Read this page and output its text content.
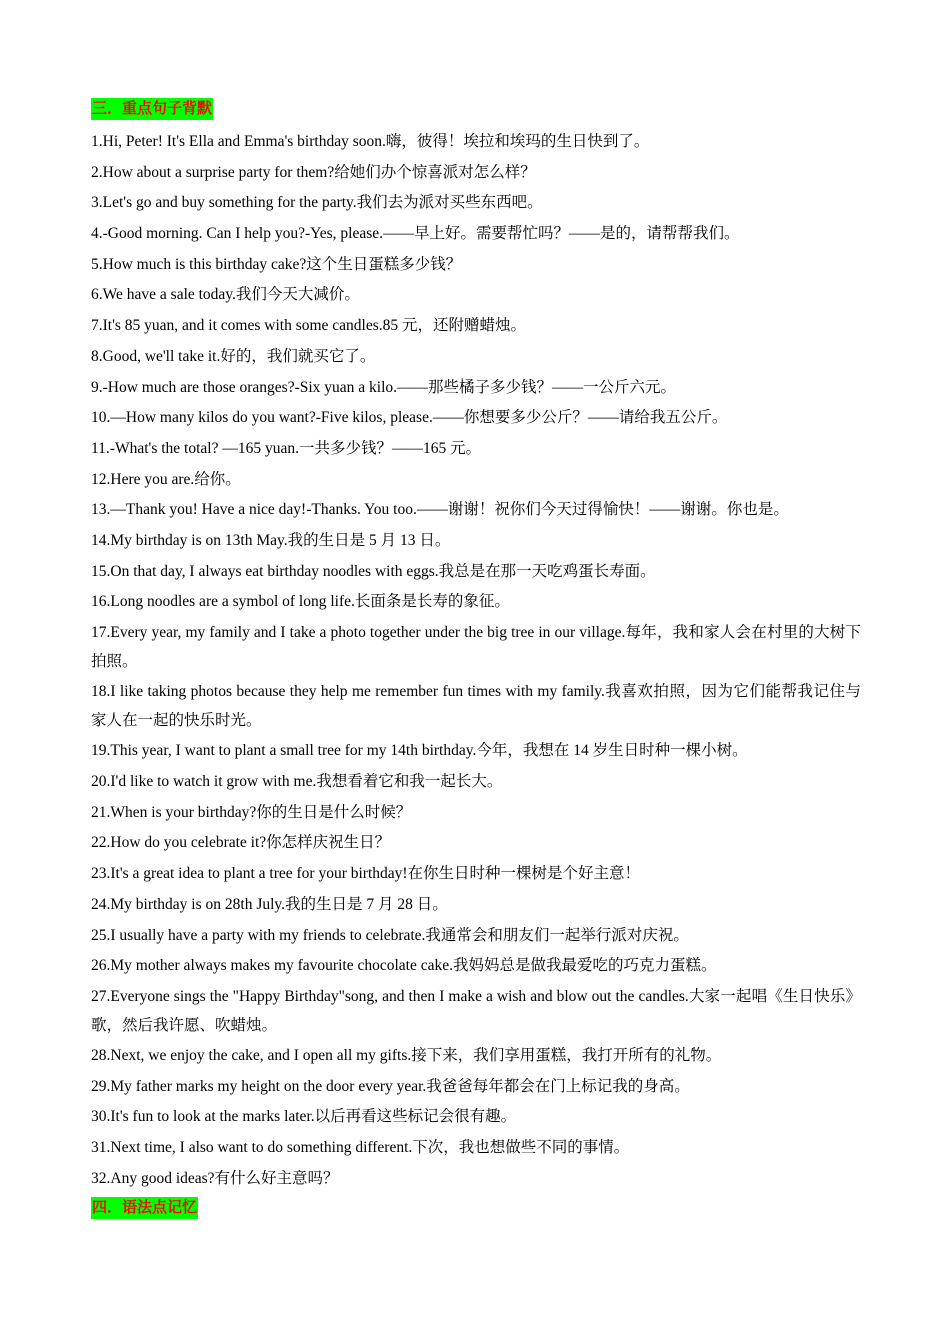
三．重点句子背默

1.Hi, Peter! It's Ella and Emma's birthday soon.嗨，彼得！埃拉和埃玛的生日快到了。

2.How about a surprise party for them?给她们办个惊喜派对怎么样？

3.Let's go and buy something for the party.我们去为派对买些东西吧。

4.-Good morning. Can I help you?-Yes, please.——早上好。需要帮忙吗？——是的，请帮帮我们。

5.How much is this birthday cake?这个生日蛋糕多少钱？

6.We have a sale today.我们今天大减价。

7.It's 85 yuan, and it comes with some candles.85 元，还附赠蜡烛。

8.Good, we'll take it.好的，我们就买它了。

9.-How much are those oranges?-Six yuan a kilo.——那些橘子多少钱？——一公斤六元。

10.—How many kilos do you want?-Five kilos, please.——你想要多少公斤？——请给我五公斤。

11.-What's the total? —165 yuan.一共多少钱？——165 元。

12.Here you are.给你。

13.—Thank you! Have a nice day!-Thanks. You too.——谢谢！祝你们今天过得愉快！——谢谢。你也是。

14.My birthday is on 13th May.我的生日是 5 月 13 日。

15.On that day, I always eat birthday noodles with eggs.我总是在那一天吃鸡蛋长寿面。

16.Long noodles are a symbol of long life.长面条是长寿的象征。

17.Every year, my family and I take a photo together under the big tree in our village.每年，我和家人会在村里的大树下拍照。

18.I like taking photos because they help me remember fun times with my family.我喜欢拍照，因为它们能帮我记住与家人在一起的快乐时光。

19.This year, I want to plant a small tree for my 14th birthday.今年，我想在 14 岁生日时种一棵小树。

20.I'd like to watch it grow with me.我想看着它和我一起长大。

21.When is your birthday?你的生日是什么时候？

22.How do you celebrate it?你怎样庆祝生日？

23.It's a great idea to plant a tree for your birthday!在你生日时种一棵树是个好主意！

24.My birthday is on 28th July.我的生日是 7 月 28 日。

25.I usually have a party with my friends to celebrate.我通常会和朋友们一起举行派对庆祝。

26.My mother always makes my favourite chocolate cake.我妈妈总是做我最爱吃的巧克力蛋糕。

27.Everyone sings the "Happy Birthday"song, and then I make a wish and blow out the candles.大家一起唱《生日快乐》歌，然后我许愿、吹蜡烛。

28.Next, we enjoy the cake, and I open all my gifts.接下来，我们享用蛋糕，我打开所有的礼物。

29.My father marks my height on the door every year.我爸爸每年都会在门上标记我的身高。

30.It's fun to look at the marks later.以后再看这些标记会很有趣。

31.Next time, I also want to do something different.下次，我也想做些不同的事情。

32.Any good ideas?有什么好主意吗？

四．语法点记忆
